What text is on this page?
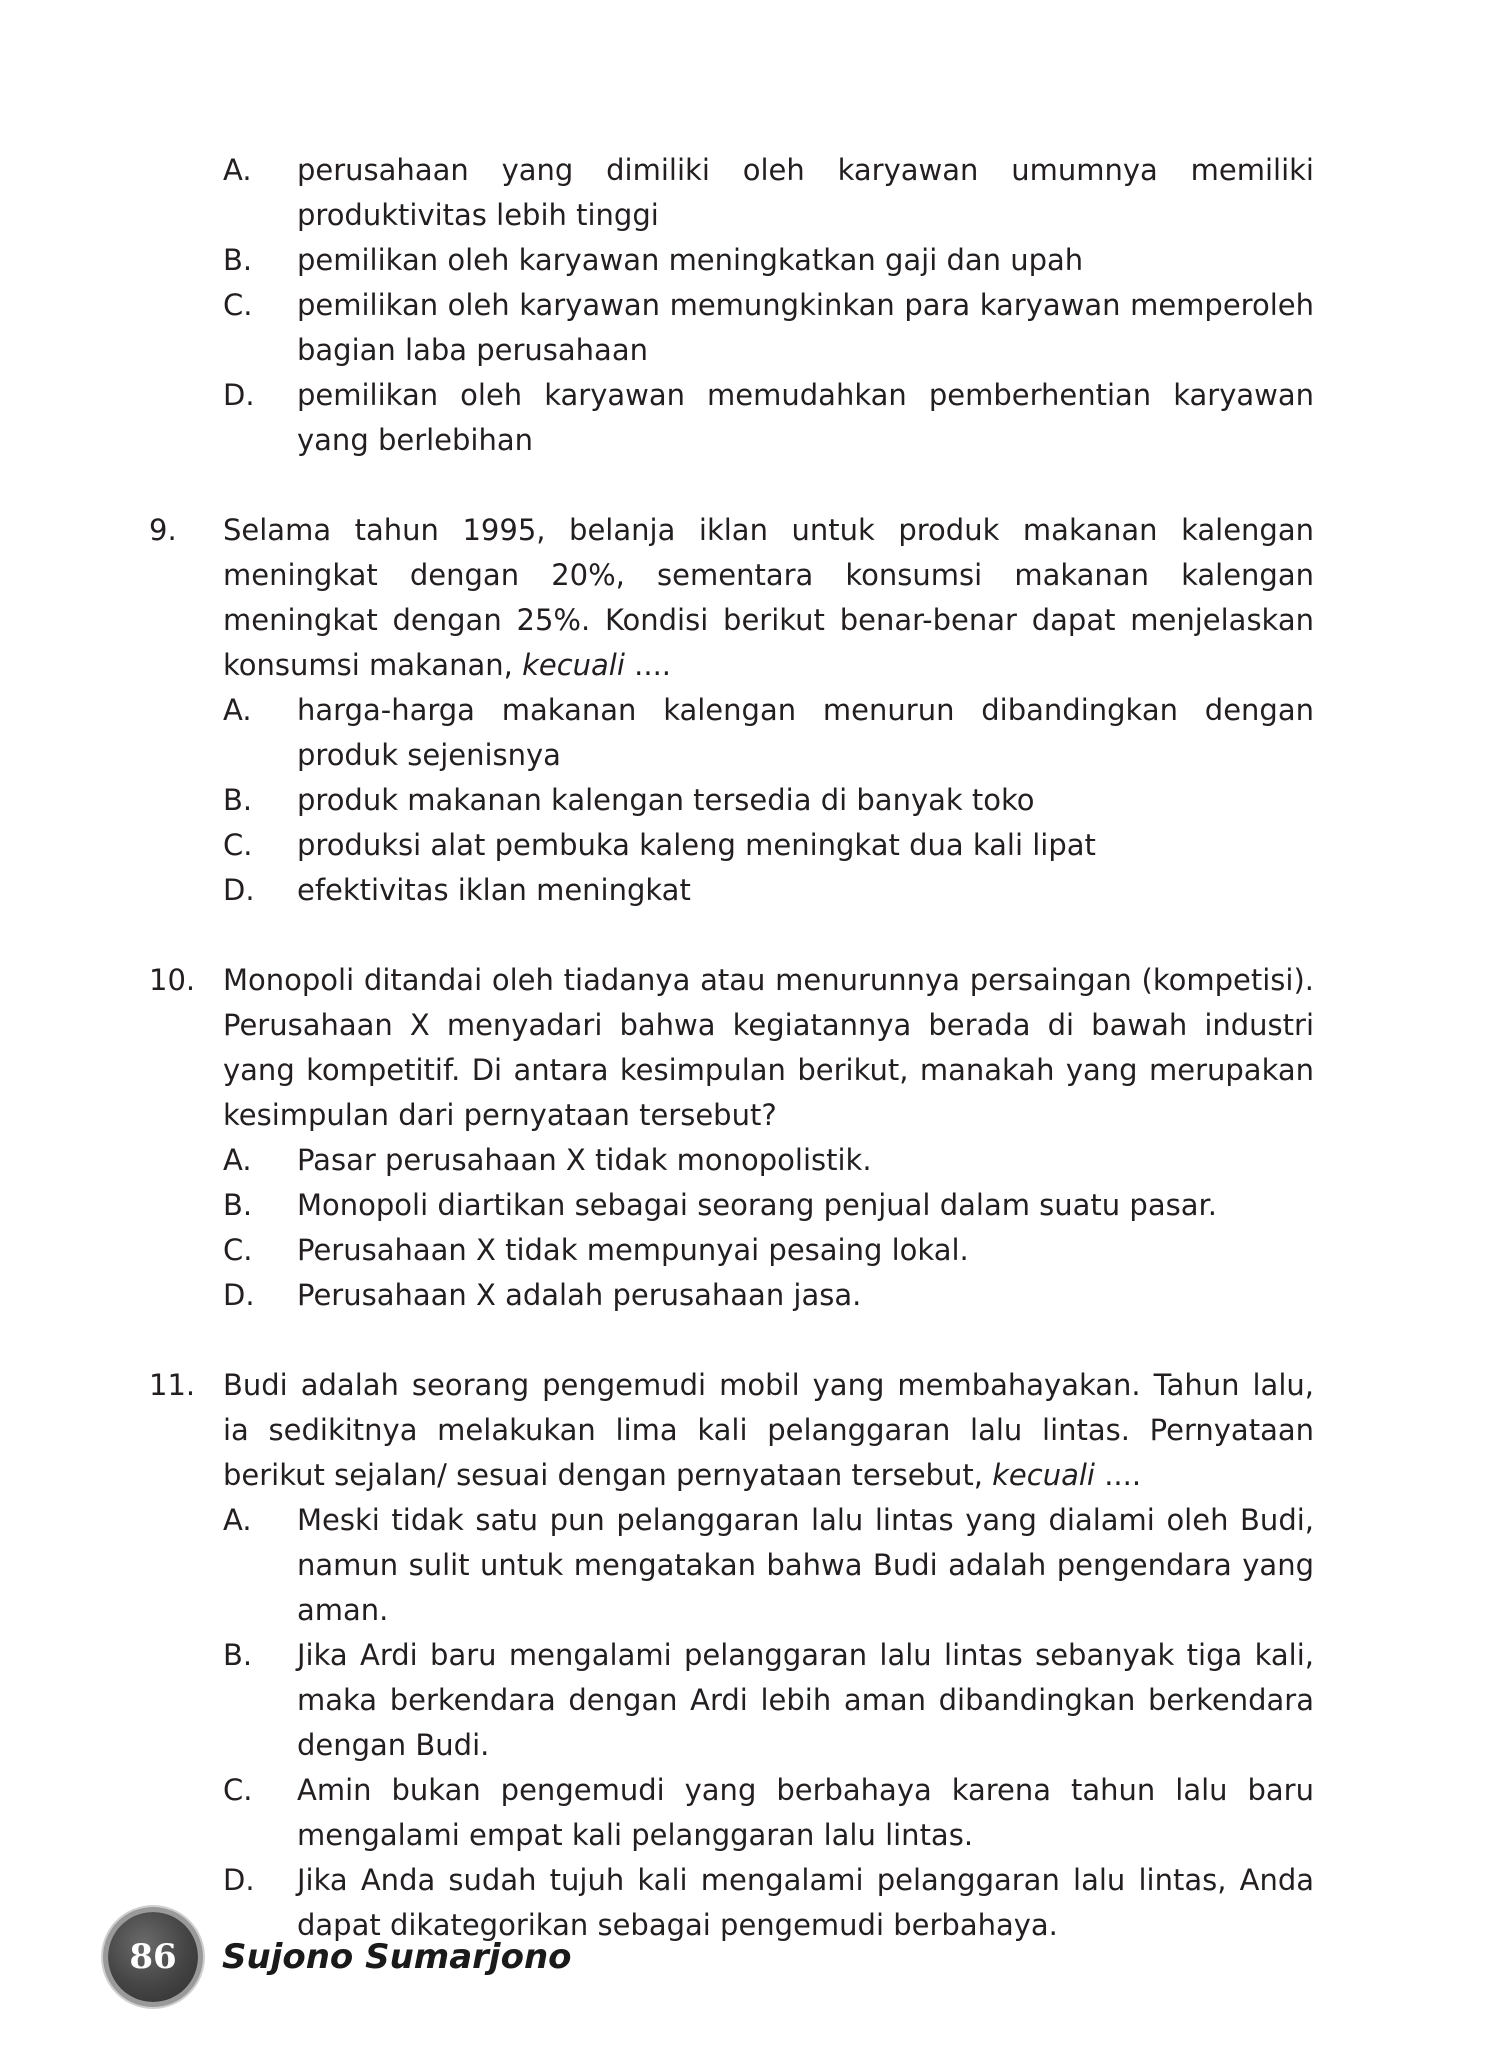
A.	perusahaan yang dimiliki oleh karyawan umumnya memiliki produktivitas lebih tinggi
B.	pemilikan oleh karyawan meningkatkan gaji dan upah
C.	pemilikan oleh karyawan memungkinkan para karyawan memperoleh bagian laba perusahaan
D.	pemilikan oleh karyawan memudahkan pemberhentian karyawan yang berlebihan
9.	Selama tahun 1995, belanja iklan untuk produk makanan kalengan meningkat dengan 20%, sementara konsumsi makanan kalengan meningkat dengan 25%. Kondisi berikut benar-benar dapat menjelaskan konsumsi makanan, kecuali ....
A.	harga-harga makanan kalengan menurun dibandingkan dengan produk sejenisnya
B.	produk makanan kalengan tersedia di banyak toko
C.	produksi alat pembuka kaleng meningkat dua kali lipat
D.	efektivitas iklan meningkat
10. Monopoli ditandai oleh tiadanya atau menurunnya persaingan (kompetisi). Perusahaan X menyadari bahwa kegiatannya berada di bawah industri yang kompetitif. Di antara kesimpulan berikut, manakah yang merupakan kesimpulan dari pernyataan tersebut?
A.	Pasar perusahaan X tidak monopolistik.
B.	Monopoli diartikan sebagai seorang penjual dalam suatu pasar.
C.	Perusahaan X tidak mempunyai pesaing lokal.
D.	Perusahaan X adalah perusahaan jasa.
11. Budi adalah seorang pengemudi mobil yang membahayakan. Tahun lalu, ia sedikitnya melakukan lima kali pelanggaran lalu lintas. Pernyataan berikut sejalan/ sesuai dengan pernyataan tersebut, kecuali ....
A.	Meski tidak satu pun pelanggaran lalu lintas yang dialami oleh Budi, namun sulit untuk mengatakan bahwa Budi adalah pengendara yang aman.
B.	Jika Ardi baru mengalami pelanggaran lalu lintas sebanyak tiga kali, maka berkendara dengan Ardi lebih aman dibandingkan berkendara dengan Budi.
C.	Amin bukan pengemudi yang berbahaya karena tahun lalu baru mengalami empat kali pelanggaran lalu lintas.
D.	Jika Anda sudah tujuh kali mengalami pelanggaran lalu lintas, Anda dapat dikategorikan sebagai pengemudi berbahaya.
86 Sujono Sumarjono
